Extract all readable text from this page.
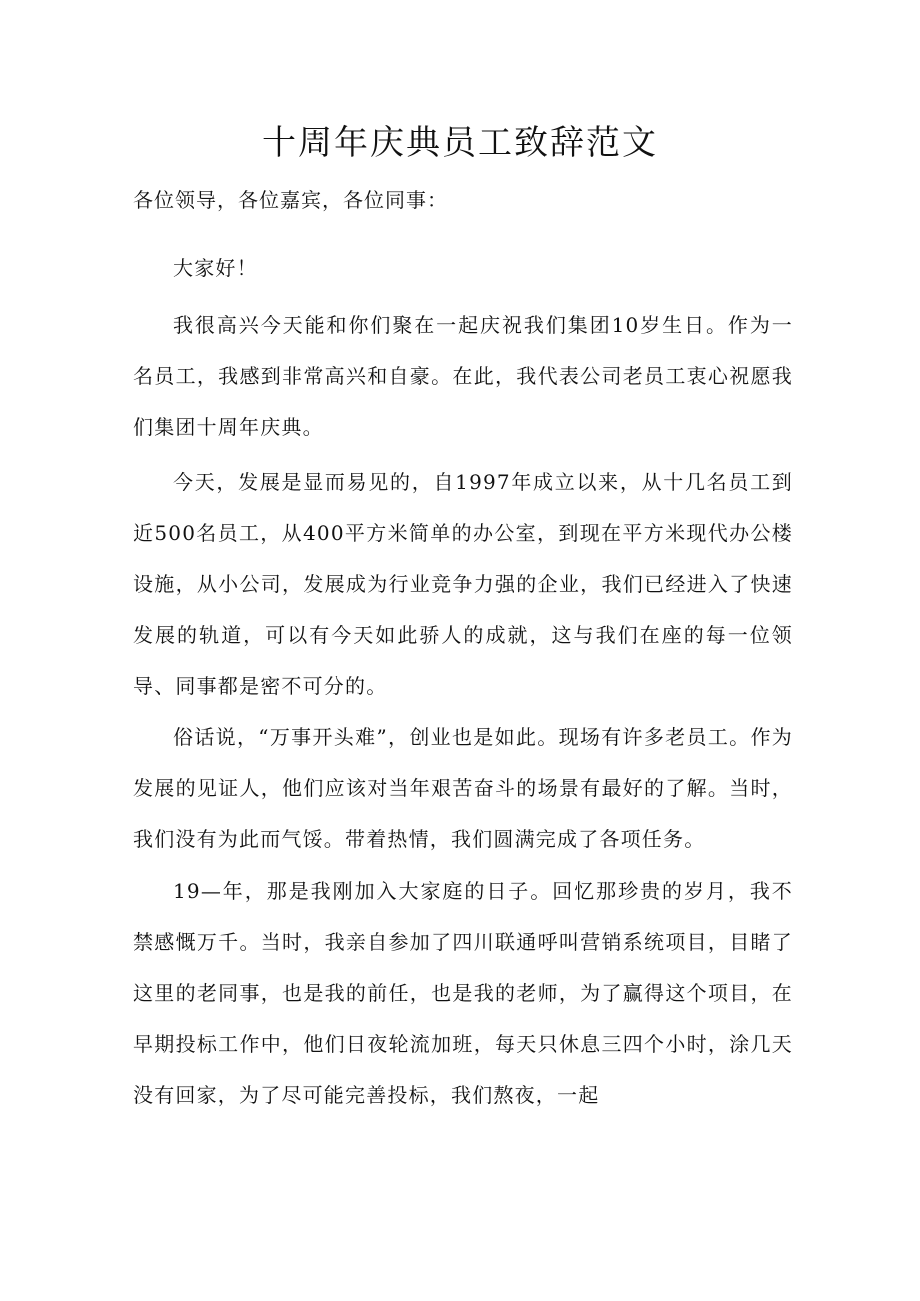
十周年庆典员工致辞范文

各位领导，各位嘉宾，各位同事：

大家好！

我很高兴今天能和你们聚在一起庆祝我们集团10岁生日。作为一名员工，我感到非常高兴和自豪。在此，我代表公司老员工衷心祝愿我们集团十周年庆典。

今天，发展是显而易见的，自1997年成立以来，从十几名员工到近500名员工，从400平方米简单的办公室，到现在平方米现代办公楼设施，从小公司，发展成为行业竞争力强的企业，我们已经进入了快速发展的轨道，可以有今天如此骄人的成就，这与我们在座的每一位领导、同事都是密不可分的。

俗话说，“万事开头难”，创业也是如此。现场有许多老员工。作为发展的见证人，他们应该对当年艰苦奋斗的场景有最好的了解。当时，我们没有为此而气馁。带着热情，我们圆满完成了各项任务。

19—年，那是我刚加入大家庭的日子。回忆那珍贵的岁月，我不禁感慨万千。当时，我亲自参加了四川联通呼叫营销系统项目，目睹了这里的老同事，也是我的前任，也是我的老师，为了赢得这个项目，在早期投标工作中，他们日夜轮流加班，每天只休息三四个小时，涂几天没有回家，为了尽可能完善投标，我们熬夜，一起
